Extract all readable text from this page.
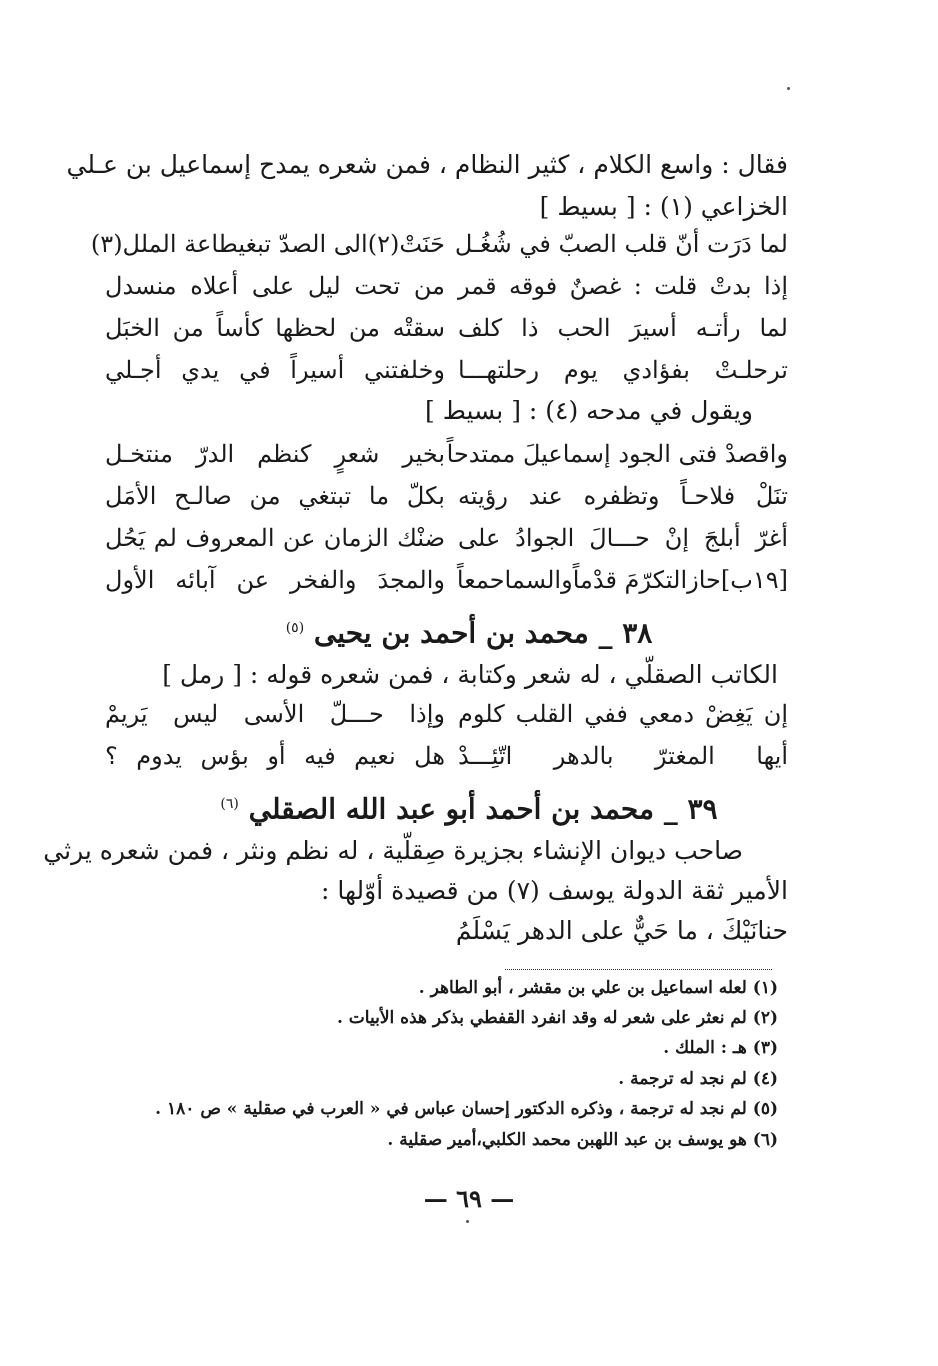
فقال : واسع الكلام ، كثير النظام ، فمن شعره يمدح إسماعيل بن عـلي
الخزاعي (١) : [ بسيط ]
لما دَرَت أنّ قلب الصبّ في شُغُـل
حَنَتْ(٢)الى الصدّ تبغيطاعة الملل(٣)
إذا بدتْ قلت : غصنٌ فوقه قمر
من تحت ليل على أعلاه منسدل
لما رأتـه أسيرَ الحب ذا كلف
سقتْه من لحظها كأساً من الخبَل
ترحلـتْ بفؤادي يوم رحلتهـــا
وخلفتني أسيراً في يدي أجـلي
ويقول في مدحه (٤) : [ بسيط ]
واقصدْ فتى الجود إسماعيلَ ممتدحاً
بخير شعرٍ كنظم الدرّ منتخـل
تنَلْ فلاحـاً وتظفره عند رؤيته
بكلّ ما تبتغي من صالـح الأمَل
أغرّ أبلجَ إنْ حـــالَ الجوادُ على
ضنْك الزمان عن المعروف لم يَحُل
[١٩ب]حازالتكرّمَ قدْماًوالسماحمعاً
والمجدَ والفخر عن آبائه الأول
٣٨ _ محمد بن أحمد بن يحيى $^{(٥)}$
الكاتب الصقلّي ، له شعر وكتابة ، فمن شعره قوله : [ رمل ]
إن يَغِضْ دمعي ففي القلب كلوم
وإذا حـــلّ الأسى ليس يَريمْ
أيها المغترّ بالدهر اتّئِـــدْ
هل نعيم فيه أو بؤس يدوم ؟
٣٩ _ محمد بن أحمد أبو عبد الله الصقلي $^{(٦)}$
صاحب ديوان الإنشاء بجزيرة صِقلّية ، له نظم ونثر ، فمن شعره يرثي
الأمير ثقة الدولة يوسف (٧) من قصيدة أوّلها :
حنانَيْكَ ، ما حَيٌّ على الدهر يَسْلَمُ
(١) لعله اسماعيل بن علي بن مقشر ، أبو الطاهر .
(٢) لم نعثر على شعر له وقد انفرد القفطي بذكر هذه الأبيات .
(٣) هـ : الملك .
(٤) لم نجد له ترجمة .
(٥) لم نجد له ترجمة ، وذكره الدكتور إحسان عباس في « العرب في صقلية » ص ١٨٠ .
(٦) هو يوسف بن عبد اللهبن محمد الكلبي،أمير صقلية .
— ٦٩ —
